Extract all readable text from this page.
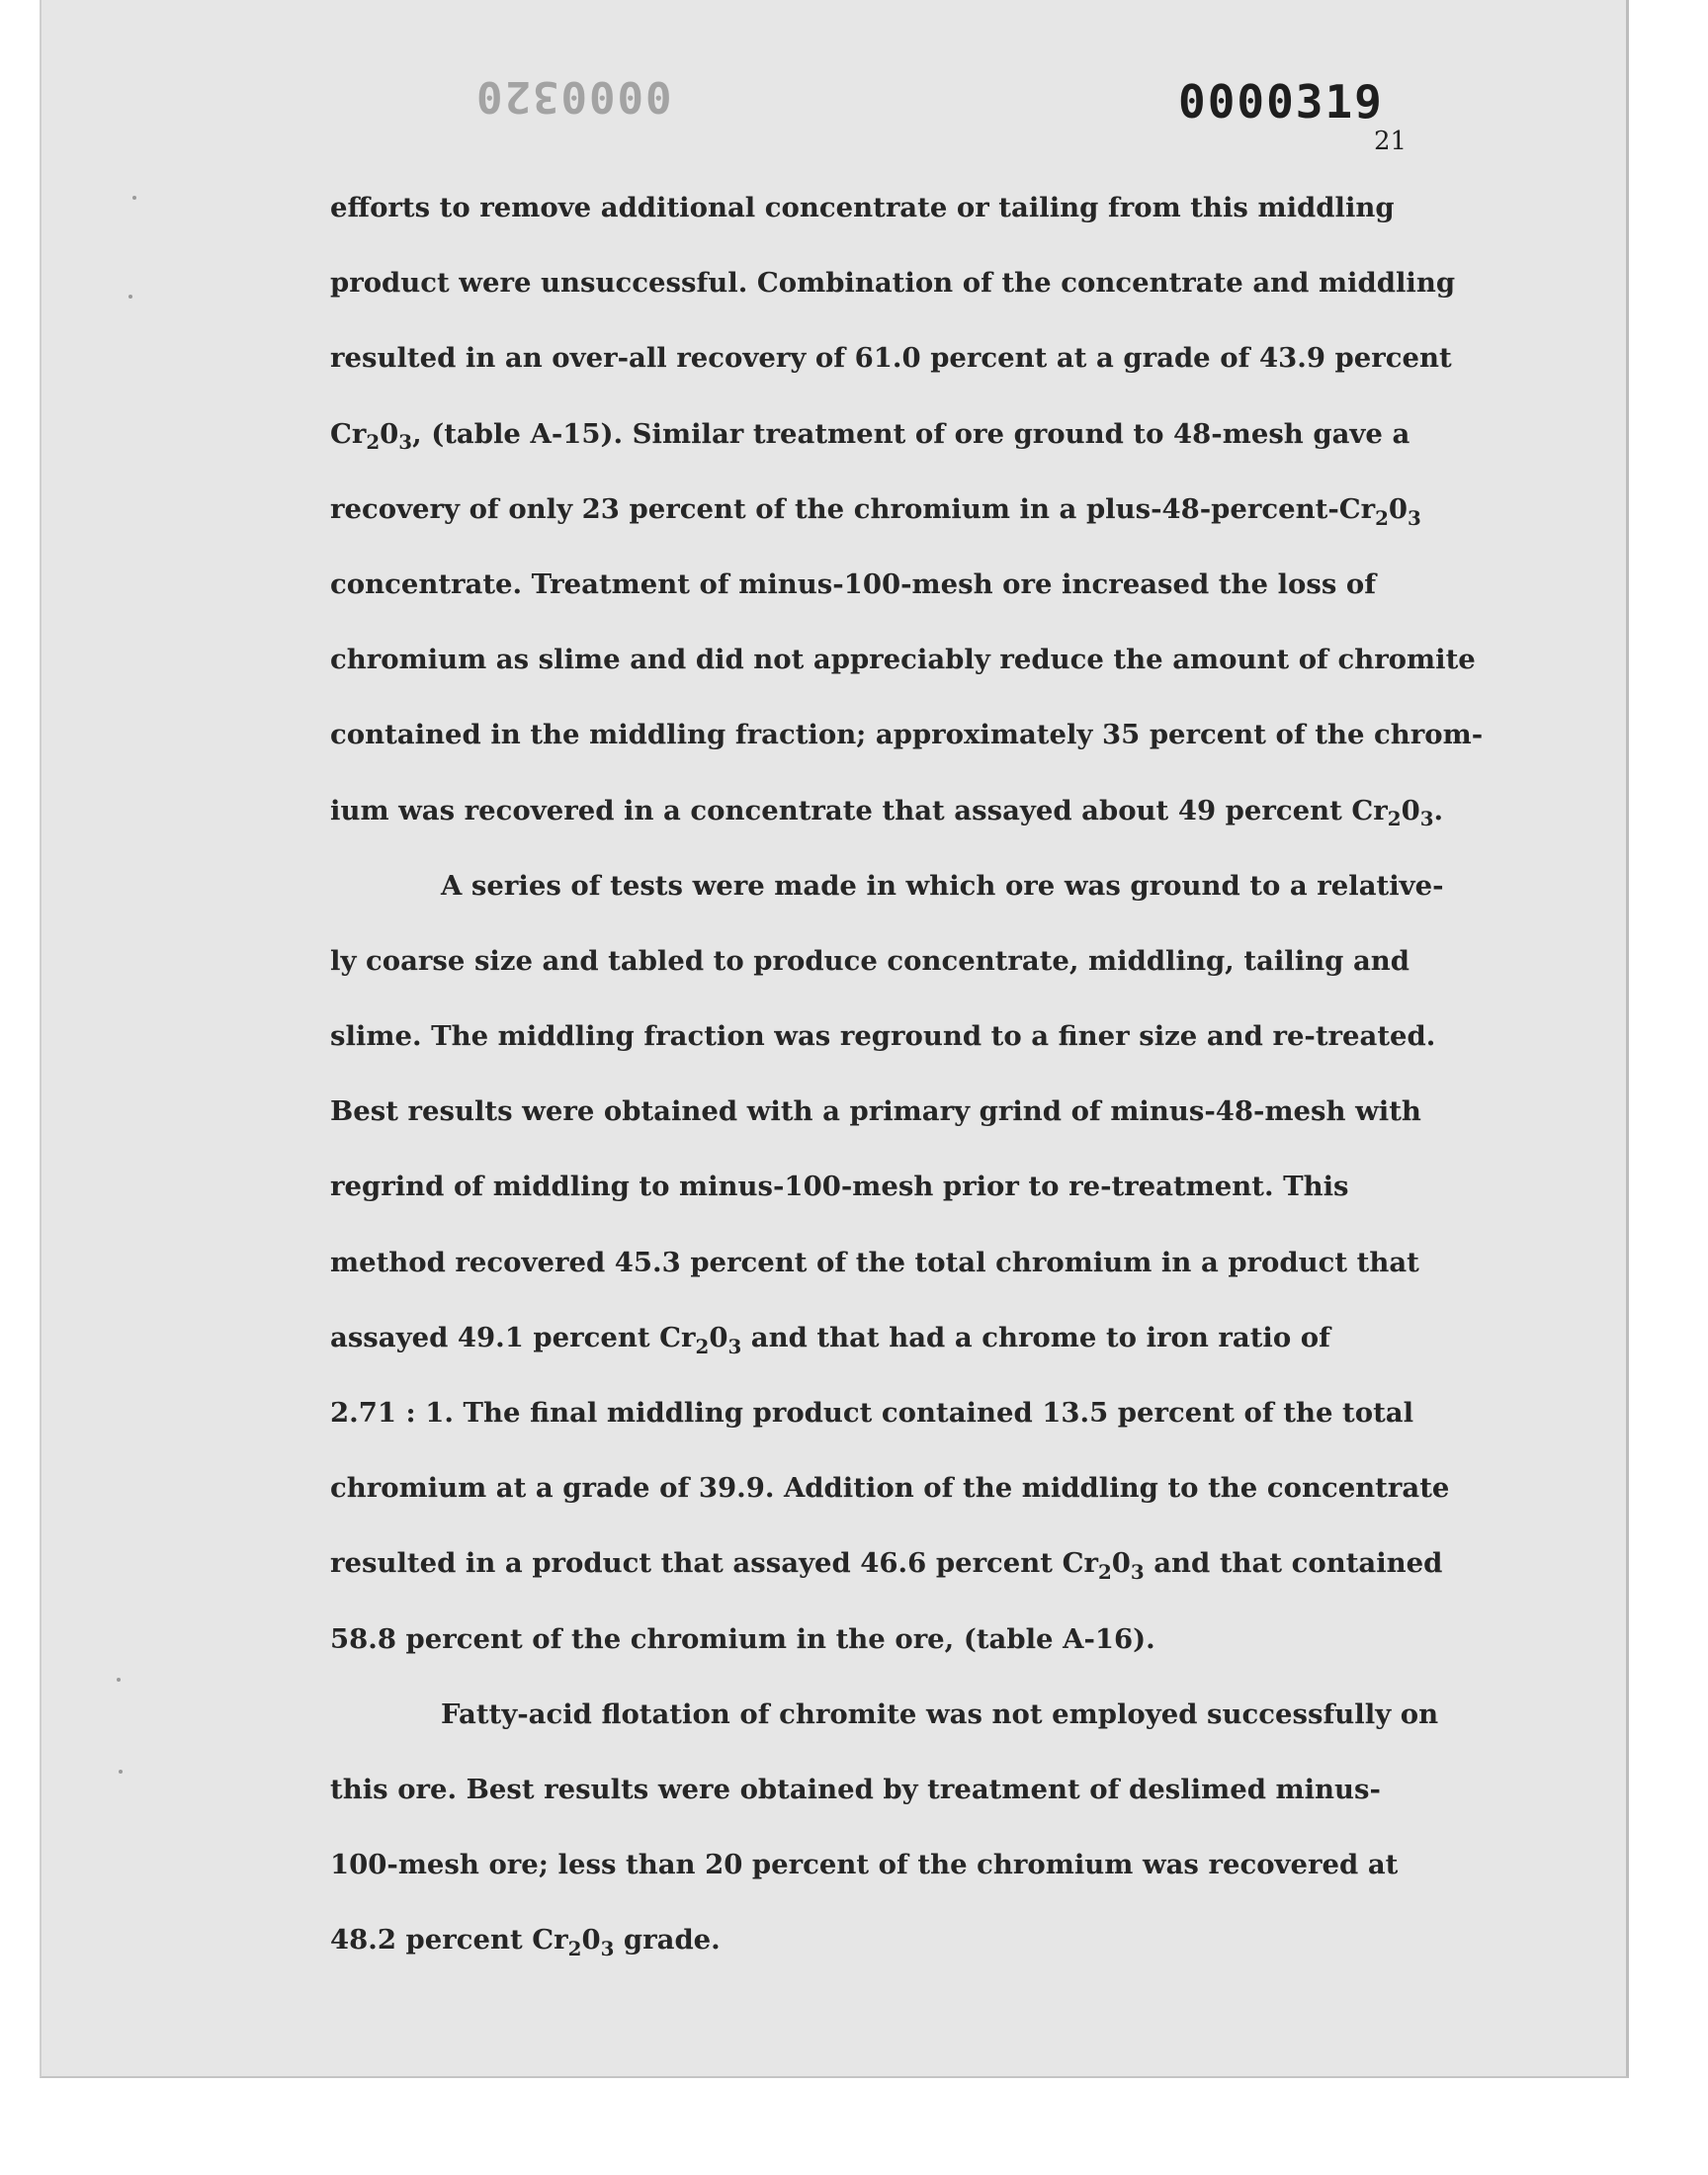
0000320	0000319
21
efforts to remove additional concentrate or tailing from this middling
product were unsuccessful. Combination of the concentrate and middling
resulted in an over-all recovery of 61.0 percent at a grade of 43.9 percent
$Cr_20_3$, (table A-15). Similar treatment of ore ground to 48-mesh gave a
recovery of only 23 percent of the chromium in a plus-$48-percent-Cr_20_3$
concentrate. Treatment of minus-100-mesh ore increased the loss of
chromium as slime and did not appreciably reduce the amount of chromite
contained in the middling fraction; approximately 35 percent of the chrom-
ium was recovered in a concentrate that assayed about 49 percent $Cr_20_3$.
A series of tests were made in which ore was ground to a relative-
ly coarse size and tabled to produce concentrate, middling, tailing and
slime. The middling fraction was reground to a finer size and re-treated.
Best results were obtained with a primary grind of minus-48-mesh with
regrind of middling to minus-100-mesh prior to re-treatment. This
method recovered 45.3 percent of the total chromium in a product that
assayed 49.1 percent $Cr_20_3$ and that had a chrome to iron ratio of
2.71 : 1. The final middling product contained 13.5 percent of the total
chromium at a grade of 39.9. Addition of the middling to the concentrate
resulted in a product that assayed 46.6 percent $Cr_20_3$ and that contained
58.8 percent of the chromium in the ore, (table A-16).
Fatty-acid flotation of chromite was not employed successfully on
this ore. Best results were obtained by treatment of deslimed minus-
100-mesh ore; less than 20 percent of the chromium was recovered at
48.2 percent $Cr_20_3$ grade.
